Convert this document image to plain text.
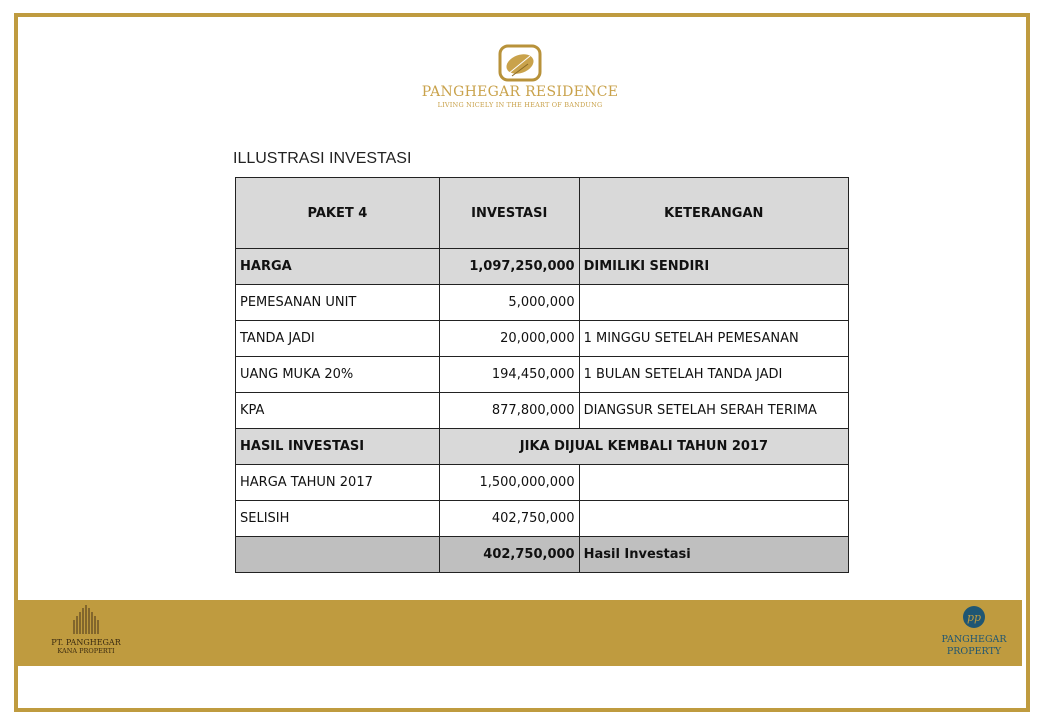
PANGHEGAR RESIDENCE
LIVING NICELY IN THE HEART OF BANDUNG
ILLUSTRASI INVESTASI
PAKET 4	INVESTASI	KETERANGAN
HARGA	1,097,250,000	DIMILIKI SENDIRI
PEMESANAN UNIT	5,000,000	
TANDA JADI	20,000,000	1 MINGGU SETELAH PEMESANAN
UANG MUKA 20%	194,450,000	1 BULAN SETELAH TANDA JADI
KPA	877,800,000	DIANGSUR SETELAH SERAH TERIMA
HASIL INVESTASI	JIKA DIJUAL KEMBALI TAHUN 2017	
HARGA TAHUN 2017	1,500,000,000	
SELISIH	402,750,000	
	402,750,000	Hasil Investasi
PT. PANGHEGAR
KANA PROPERTI
pp
PANGHEGAR
PROPERTY
